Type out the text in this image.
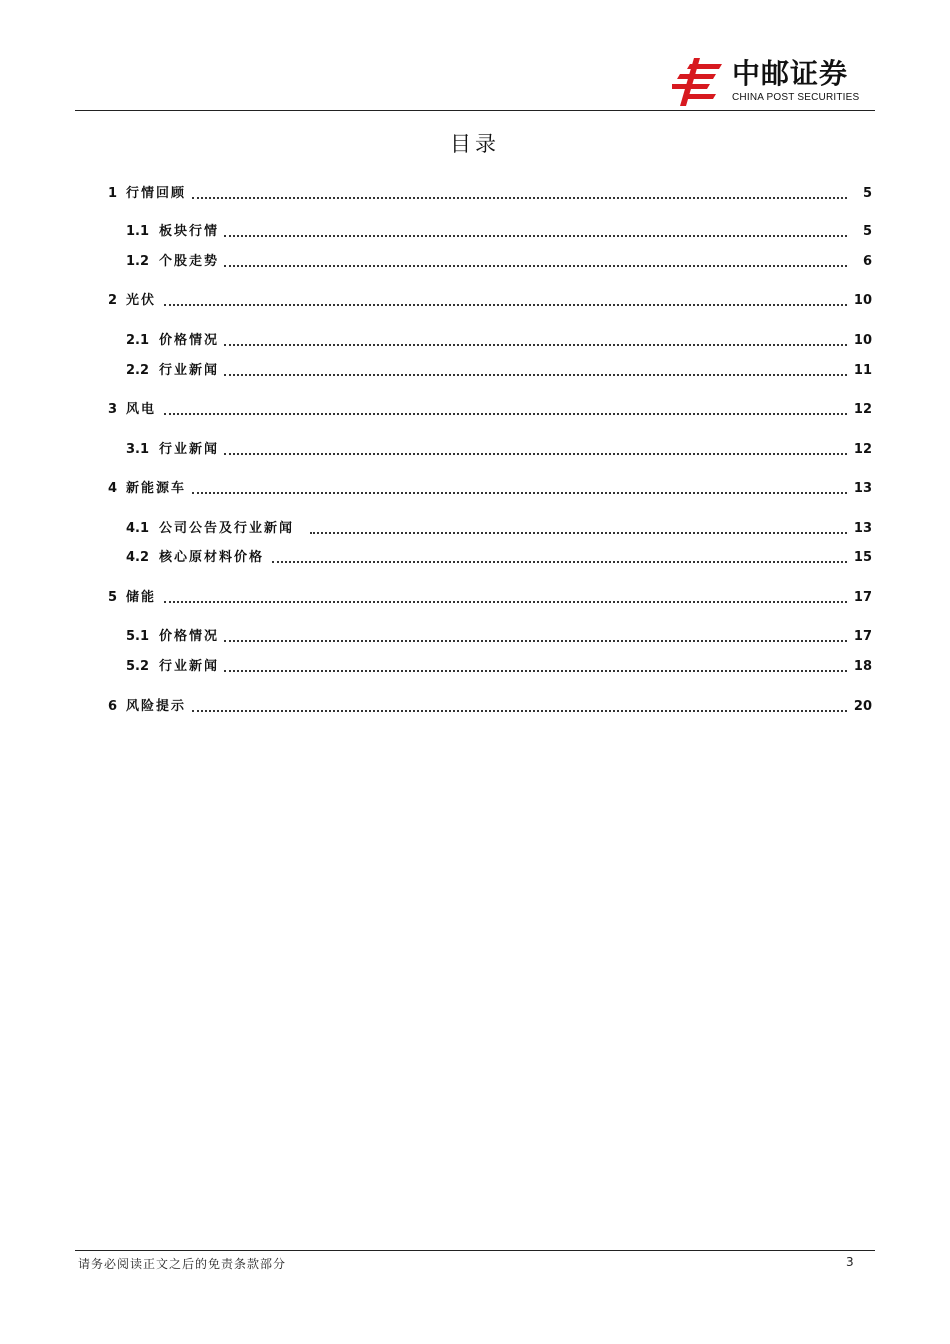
中邮证券
CHINA POST SECURITIES
目录
1 行情回顾	5
1.1 板块行情	5
1.2 个股走势	6
2 光伏	10
2.1 价格情况	10
2.2 行业新闻	11
3 风电	12
3.1 行业新闻	12
4 新能源车	13
4.1 公司公告及行业新闻	13
4.2 核心原材料价格	15
5 储能	17
5.1 价格情况	17
5.2 行业新闻	18
6 风险提示	20
请务必阅读正文之后的免责条款部分	3
